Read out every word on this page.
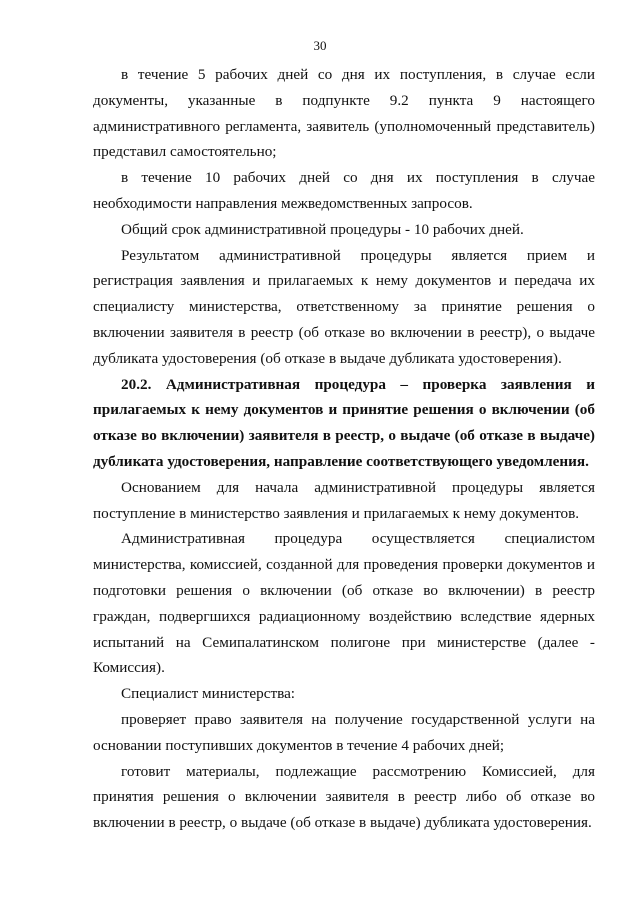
30

в течение 5 рабочих дней со дня их поступления, в случае если документы, указанные в подпункте 9.2 пункта 9 настоящего административного регламента, заявитель (уполномоченный представитель) представил самостоятельно;

в течение 10 рабочих дней со дня их поступления в случае необходимости направления межведомственных запросов.

Общий срок административной процедуры - 10 рабочих дней.

Результатом административной процедуры является прием и регистрация заявления и прилагаемых к нему документов и передача их специалисту министерства, ответственному за принятие решения о включении заявителя в реестр (об отказе во включении в реестр), о выдаче дубликата удостоверения (об отказе в выдаче дубликата удостоверения).

20.2. Административная процедура – проверка заявления и прилагаемых к нему документов и принятие решения о включении (об отказе во включении) заявителя в реестр, о выдаче (об отказе в выдаче) дубликата удостоверения, направление соответствующего уведомления.

Основанием для начала административной процедуры является поступление в министерство заявления и прилагаемых к нему документов.

Административная процедура осуществляется специалистом министерства, комиссией, созданной для проведения проверки документов и подготовки решения о включении (об отказе во включении) в реестр граждан, подвергшихся радиационному воздействию вследствие ядерных испытаний на Семипалатинском полигоне при министерстве (далее - Комиссия).

Специалист министерства:

проверяет право заявителя на получение государственной услуги на основании поступивших документов в течение 4 рабочих дней;

готовит материалы, подлежащие рассмотрению Комиссией, для принятия решения о включении заявителя в реестр либо об отказе во включении в реестр, о выдаче (об отказе в выдаче) дубликата удостоверения.
